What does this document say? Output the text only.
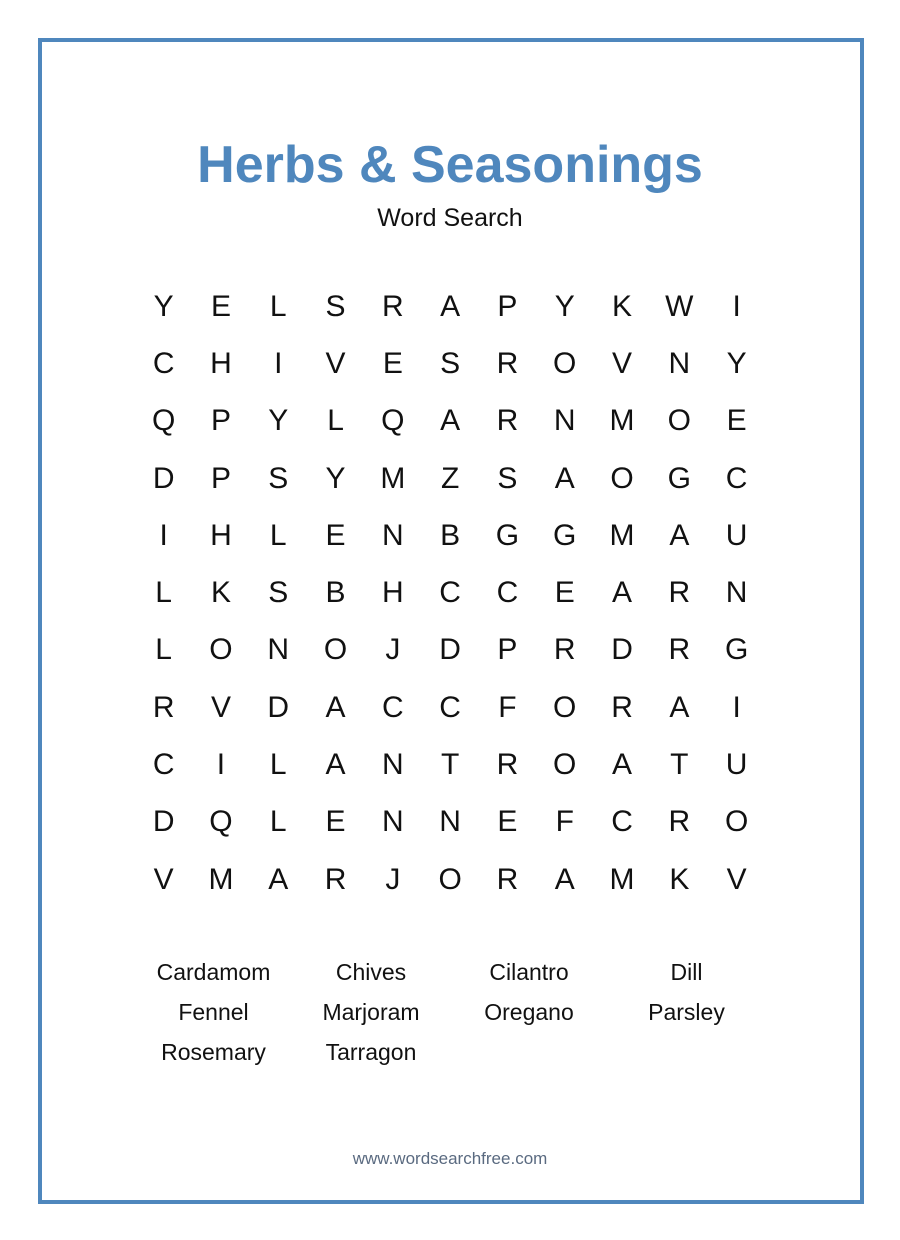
Herbs & Seasonings
Word Search
Y	E	L	S	R	A	P	Y	K	W	I
C	H	I	V	E	S	R	O	V	N	Y
Q	P	Y	L	Q	A	R	N	M	O	E
D	P	S	Y	M	Z	S	A	O	G	C
I	H	L	E	N	B	G	G	M	A	U
L	K	S	B	H	C	C	E	A	R	N
L	O	N	O	J	D	P	R	D	R	G
R	V	D	A	C	C	F	O	R	A	I
C	I	L	A	N	T	R	O	A	T	U
D	Q	L	E	N	N	E	F	C	R	O
V	M	A	R	J	O	R	A	M	K	V
Cardamom	Chives	Cilantro	Dill
Fennel	Marjoram	Oregano	Parsley
Rosemary	Tarragon
www.wordsearchfree.com
